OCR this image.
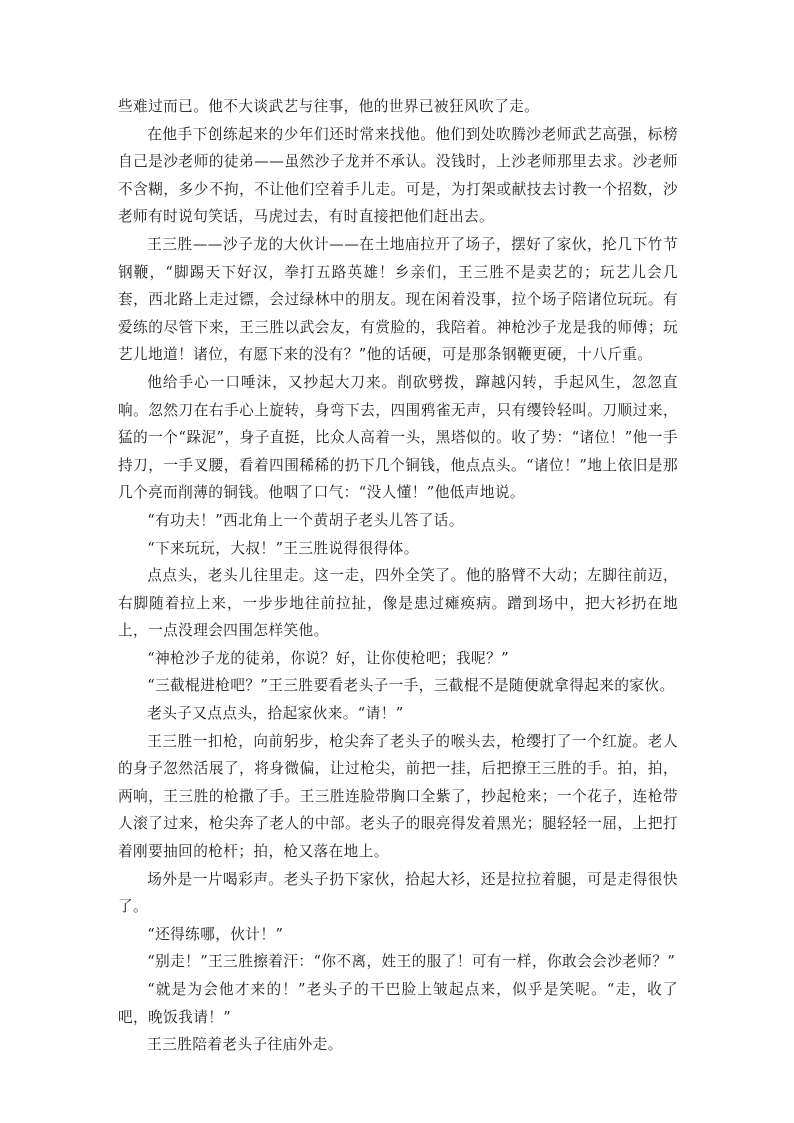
些难过而已。他不大谈武艺与往事，他的世界已被狂风吹了走。

在他手下创练起来的少年们还时常来找他。他们到处吹腾沙老师武艺高强，标榜自己是沙老师的徒弟——虽然沙子龙并不承认。没钱时，上沙老师那里去求。沙老师不含糊，多少不拘，不让他们空着手儿走。可是，为打架或献技去讨教一个招数，沙老师有时说句笑话，马虎过去，有时直接把他们赶出去。

王三胜——沙子龙的大伙计——在土地庙拉开了场子，摆好了家伙，抡几下竹节钢鞭，“脚踢天下好汉，拳打五路英雄！乡亲们，王三胜不是卖艺的；玩艺儿会几套，西北路上走过镖，会过绿林中的朋友。现在闲着没事，拉个场子陪诸位玩玩。有爱练的尽管下来，王三胜以武会友，有赏脸的，我陪着。神枪沙子龙是我的师傅；玩艺儿地道！诸位，有愿下来的没有？”他的话硬，可是那条钢鞭更硬，十八斤重。

他给手心一口唾沫，又抄起大刀来。削砍劈拨，蹿越闪转，手起风生，忽忽直响。忽然刀在右手心上旋转，身弯下去，四围鸦雀无声，只有缨铃轻叫。刀顺过来，猛的一个“跺泥”，身子直挺，比众人高着一头，黑塔似的。收了势：“诸位！”他一手持刀，一手叉腰，看着四围稀稀的扔下几个铜钱，他点点头。“诸位！”地上依旧是那几个亮而削薄的铜钱。他咽了口气：“没人懂！”他低声地说。

“有功夫！”西北角上一个黄胡子老头儿答了话。

“下来玩玩，大叔！”王三胜说得很得体。

点点头，老头儿往里走。这一走，四外全笑了。他的胳臂不大动；左脚往前迈，右脚随着拉上来，一步步地往前拉扯，像是患过瘫痪病。蹭到场中，把大衫扔在地上，一点没理会四围怎样笑他。

“神枪沙子龙的徒弟，你说？好，让你使枪吧；我呢？”

“三截棍进枪吧？”王三胜要看老头子一手，三截棍不是随便就拿得起来的家伙。

老头子又点点头，拾起家伙来。“请！”

王三胜一扣枪，向前躬步，枪尖奔了老头子的喉头去，枪缨打了一个红旋。老人的身子忽然活展了，将身微偏，让过枪尖，前把一挂，后把撩王三胜的手。拍，拍，两响，王三胜的枪撒了手。王三胜连脸带胸口全紫了，抄起枪来；一个花子，连枪带人滚了过来，枪尖奔了老人的中部。老头子的眼亮得发着黑光；腿轻轻一屈，上把打着刚要抽回的枪杆；拍，枪又落在地上。

场外是一片喝彩声。老头子扔下家伙，拾起大衫，还是拉拉着腿，可是走得很快了。

“还得练哪，伙计！”

“别走！”王三胜擦着汗：“你不离，姓王的服了！可有一样，你敢会会沙老师？”

“就是为会他才来的！”老头子的干巴脸上皱起点来，似乎是笑呢。“走，收了吧，晚饭我请！”

王三胜陪着老头子往庙外走。
